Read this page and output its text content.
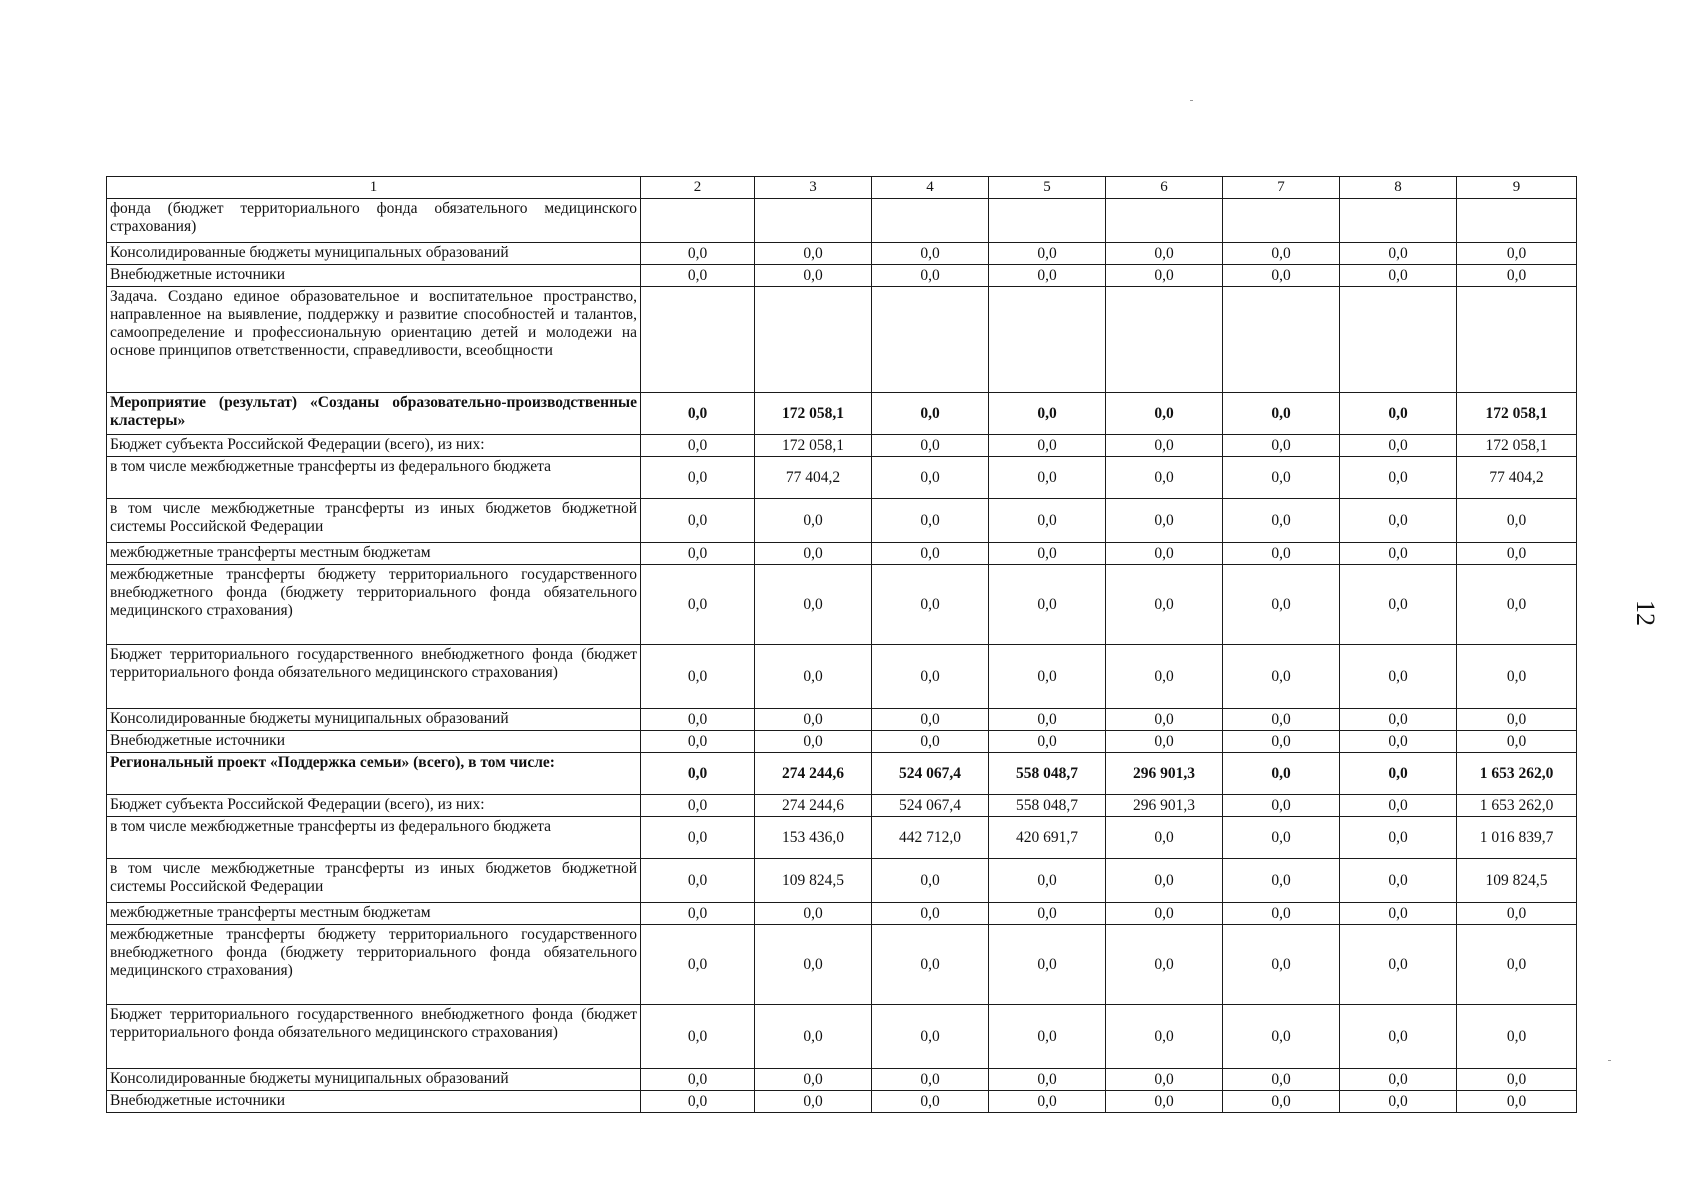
1	2	3	4	5	6	7	8	9
фонда (бюджет территориального фонда обязательного медицинского страхования)								
Консолидированные бюджеты муниципальных образований	0,0	0,0	0,0	0,0	0,0	0,0	0,0	0,0
Внебюджетные источники	0,0	0,0	0,0	0,0	0,0	0,0	0,0	0,0
Задача. Создано единое образовательное и воспитательное пространство, направленное на выявление, поддержку и развитие способностей и талантов, самоопределение и профессиональную ориентацию детей и молодежи на основе принципов ответственности, справедливости, всеобщности								
Мероприятие (результат) «Созданы образовательно-производственные кластеры»	0,0	172 058,1	0,0	0,0	0,0	0,0	0,0	172 058,1
Бюджет субъекта Российской Федерации (всего), из них:	0,0	172 058,1	0,0	0,0	0,0	0,0	0,0	172 058,1
в том числе межбюджетные трансферты из федерального бюджета	0,0	77 404,2	0,0	0,0	0,0	0,0	0,0	77 404,2
в том числе межбюджетные трансферты из иных бюджетов бюджетной системы Российской Федерации	0,0	0,0	0,0	0,0	0,0	0,0	0,0	0,0
межбюджетные трансферты местным бюджетам	0,0	0,0	0,0	0,0	0,0	0,0	0,0	0,0
межбюджетные трансферты бюджету территориального государственного внебюджетного фонда (бюджету территориального фонда обязательного медицинского страхования)	0,0	0,0	0,0	0,0	0,0	0,0	0,0	0,0
Бюджет территориального государственного внебюджетного фонда (бюджет территориального фонда обязательного медицинского страхования)	0,0	0,0	0,0	0,0	0,0	0,0	0,0	0,0
Консолидированные бюджеты муниципальных образований	0,0	0,0	0,0	0,0	0,0	0,0	0,0	0,0
Внебюджетные источники	0,0	0,0	0,0	0,0	0,0	0,0	0,0	0,0
Региональный проект «Поддержка семьи» (всего), в том числе:	0,0	274 244,6	524 067,4	558 048,7	296 901,3	0,0	0,0	1 653 262,0
Бюджет субъекта Российской Федерации (всего), из них:	0,0	274 244,6	524 067,4	558 048,7	296 901,3	0,0	0,0	1 653 262,0
в том числе межбюджетные трансферты из федерального бюджета	0,0	153 436,0	442 712,0	420 691,7	0,0	0,0	0,0	1 016 839,7
в том числе межбюджетные трансферты из иных бюджетов бюджетной системы Российской Федерации	0,0	109 824,5	0,0	0,0	0,0	0,0	0,0	109 824,5
межбюджетные трансферты местным бюджетам	0,0	0,0	0,0	0,0	0,0	0,0	0,0	0,0
межбюджетные трансферты бюджету территориального государственного внебюджетного фонда (бюджету территориального фонда обязательного медицинского страхования)	0,0	0,0	0,0	0,0	0,0	0,0	0,0	0,0
Бюджет территориального государственного внебюджетного фонда (бюджет территориального фонда обязательного медицинского страхования)	0,0	0,0	0,0	0,0	0,0	0,0	0,0	0,0
Консолидированные бюджеты муниципальных образований	0,0	0,0	0,0	0,0	0,0	0,0	0,0	0,0
Внебюджетные источники	0,0	0,0	0,0	0,0	0,0	0,0	0,0	0,0
12
